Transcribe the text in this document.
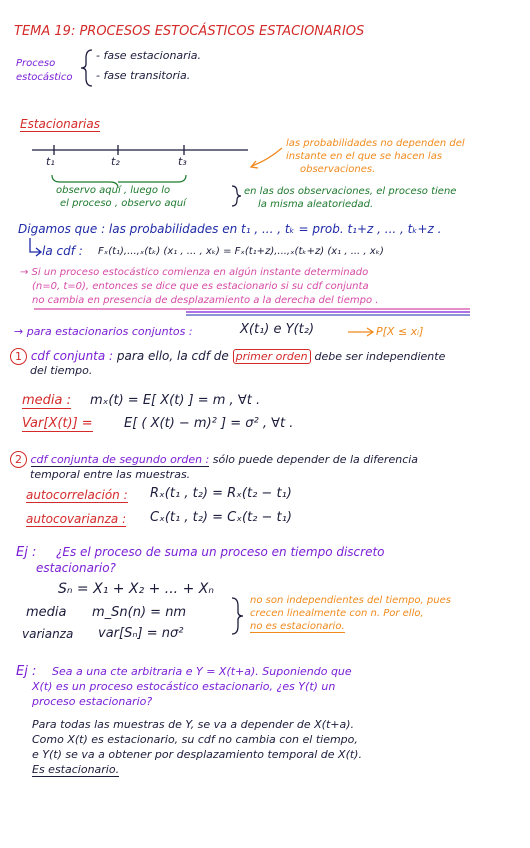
TEMA 19: PROCESOS ESTOCÁSTICOS ESTACIONARIOS
Proceso
estocástico
- fase estacionaria.
- fase transitoria.
Estacionarias
t₁	t₂	t₃
las probabilidades no dependen del
instante en el que se hacen las
observaciones.
observo aquí , luego lo
el proceso , observo aquí
en las dos observaciones, el proceso tiene
la misma aleatoriedad.
Digamos que : las probabilidades en t₁ , ... , tₖ = prob. t₁+z , ... , tₖ+z .
la cdf : Fₓ(t₁),...,ₓ(tₖ) (x₁ , ... , xₖ) = Fₓ(t₁+z),...,ₓ(tₖ+z) (x₁ , ... , xₖ)
→ Si un proceso estocástico comienza en algún instante determinado
(n=0, t=0), entonces se dice que es estacionario si su cdf conjunta
no cambia en presencia de desplazamiento a la derecha del tiempo .
→ para estacionarios conjuntos :	X(t₁) e Y(t₂)	P[X ≤ xᵢ]
1 cdf conjunta : para ello, la cdf de primer orden debe ser independiente
del tiempo.
media : mₓ(t) = E[ X(t) ] = m , ∀t .
Var[X(t)] = E[ ( X(t) − m)² ] = σ² , ∀t .
2 cdf conjunta de segundo orden : sólo puede depender de la diferencia
temporal entre las muestras.
autocorrelación : Rₓ(t₁ , t₂) = Rₓ(t₂ − t₁)
autocovarianza : Cₓ(t₁ , t₂) = Cₓ(t₂ − t₁)
Ej : ¿Es el proceso de suma un proceso en tiempo discreto
estacionario?
Sₙ = X₁ + X₂ + ... + Xₙ
media m_Sn(n) = nm
varianza var[Sₙ] = nσ²
no son independientes del tiempo, pues
crecen linealmente con n. Por ello,
no es estacionario.
Ej : Sea a una cte arbitraria e Y = X(t+a). Suponiendo que
X(t) es un proceso estocástico estacionario, ¿es Y(t) un
proceso estacionario?
Para todas las muestras de Y, se va a depender de X(t+a).
Como X(t) es estacionario, su cdf no cambia con el tiempo,
e Y(t) se va a obtener por desplazamiento temporal de X(t).
Es estacionario.
